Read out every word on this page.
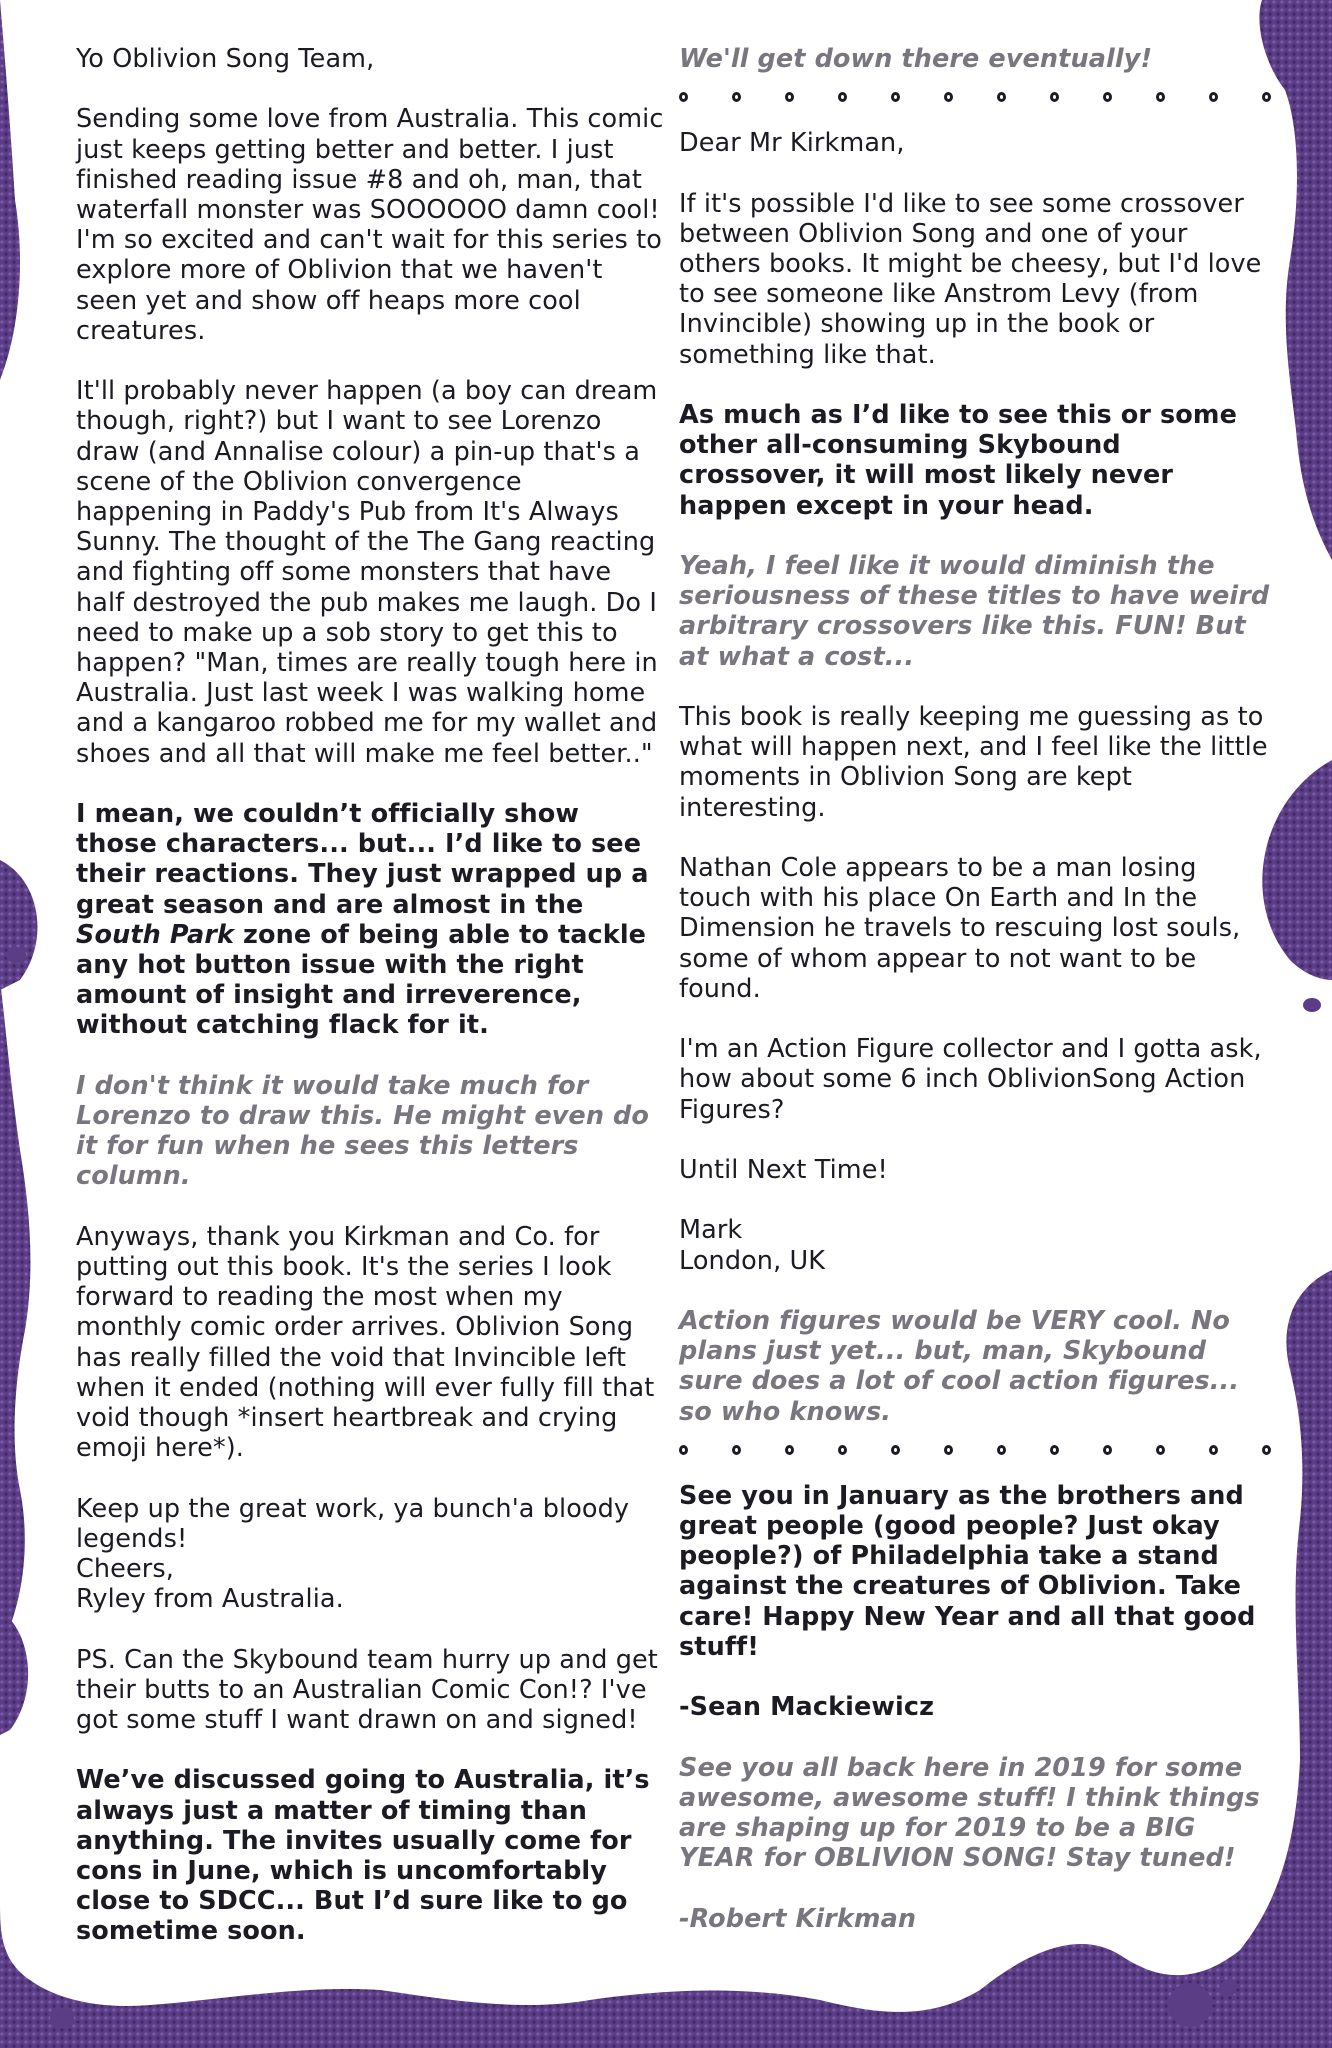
Yo Oblivion Song Team,

Sending some love from Australia. This comic just keeps getting better and better. I just finished reading issue #8 and oh, man, that waterfall monster was SOOOOOO damn cool! I'm so excited and can't wait for this series to explore more of Oblivion that we haven't seen yet and show off heaps more cool creatures.

It'll probably never happen (a boy can dream though, right?) but I want to see Lorenzo draw (and Annalise colour) a pin-up that's a scene of the Oblivion convergence happening in Paddy's Pub from It's Always Sunny. The thought of the The Gang reacting and fighting off some monsters that have half destroyed the pub makes me laugh. Do I need to make up a sob story to get this to happen? "Man, times are really tough here in Australia. Just last week I was walking home and a kangaroo robbed me for my wallet and shoes and all that will make me feel better.."

I mean, we couldn’t officially show those characters... but... I’d like to see their reactions. They just wrapped up a great season and are almost in the South Park zone of being able to tackle any hot button issue with the right amount of insight and irreverence, without catching flack for it.

I don't think it would take much for Lorenzo to draw this. He might even do it for fun when he sees this letters column.

Anyways, thank you Kirkman and Co. for putting out this book. It's the series I look forward to reading the most when my monthly comic order arrives. Oblivion Song has really filled the void that Invincible left when it ended (nothing will ever fully fill that void though *insert heartbreak and crying emoji here*).

Keep up the great work, ya bunch'a bloody legends!

Cheers,

Ryley from Australia.

PS. Can the Skybound team hurry up and get their butts to an Australian Comic Con!? I've got some stuff I want drawn on and signed!

We’ve discussed going to Australia, it’s always just a matter of timing than anything. The invites usually come for cons in June, which is uncomfortably close to SDCC... But I’d sure like to go sometime soon.

We'll get down there eventually!

Dear Mr Kirkman,

If it's possible I'd like to see some crossover between Oblivion Song and one of your others books. It might be cheesy, but I'd love to see someone like Anstrom Levy (from Invincible) showing up in the book or something like that.

As much as I’d like to see this or some other all-consuming Skybound crossover, it will most likely never happen except in your head.

Yeah, I feel like it would diminish the seriousness of these titles to have weird arbitrary crossovers like this. FUN! But at what a cost...

This book is really keeping me guessing as to what will happen next, and I feel like the little moments in Oblivion Song are kept interesting.

Nathan Cole appears to be a man losing touch with his place On Earth and In the Dimension he travels to rescuing lost souls, some of whom appear to not want to be found.

I'm an Action Figure collector and I gotta ask, how about some 6 inch OblivionSong Action Figures?

Until Next Time!

Mark

London, UK

Action figures would be VERY cool. No plans just yet... but, man, Skybound sure does a lot of cool action figures... so who knows.

See you in January as the brothers and great people (good people? Just okay people?) of Philadelphia take a stand against the creatures of Oblivion. Take care! Happy New Year and all that good stuff!

-Sean Mackiewicz

See you all back here in 2019 for some awesome, awesome stuff! I think things are shaping up for 2019 to be a BIG YEAR for OBLIVION SONG! Stay tuned!

-Robert Kirkman
